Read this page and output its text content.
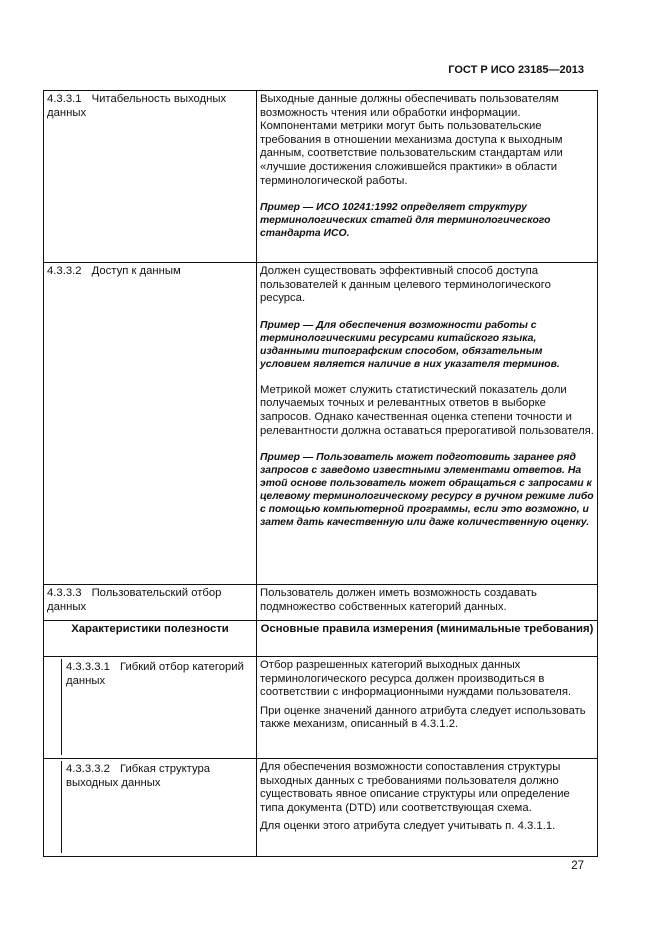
ГОСТ Р ИСО 23185—2013
4.3.3.1 Читабельность выходных данных	Выходные данные должны обеспечивать пользователям возможность чтения или обработки информации. Компонентами метрики могут быть пользовательские требования в отношении механизма доступа к выходным данным, соответствие пользовательским стандартам или «лучшие достижения сложившейся практики» в области терминологической работы.

Пример — ИСО 10241:1992 определяет структуру терминологических статей для терминологического стандарта ИСО.

4.3.3.2 Доступ к данным	Должен существовать эффективный способ доступа пользователей к данным целевого терминологического ресурса.

Пример — Для обеспечения возможности работы с терминологическими ресурсами китайского языка, изданными типографским способом, обязательным условием является наличие в них указателя терминов.

Метрикой может служить статистический показатель доли получаемых точных и релевантных ответов в выборке запросов. Однако качественная оценка степени точности и релевантности должна оставаться прерогативой пользователя.

Пример — Пользователь может подготовить заранее ряд запросов с заведомо известными элементами ответов. На этой основе пользователь может обращаться с запросами к целевому терминологическому ресурсу в ручном режиме либо с помощью компьютерной программы, если это возможно, и затем дать качественную или даже количественную оценку.

4.3.3.3 Пользовательский отбор данных	Пользователь должен иметь возможность создавать подмножество собственных категорий данных.

Характеристики полезности	Основные правила измерения (минимальные требования)

4.3.3.3.1 Гибкий отбор категорий данных	Отбор разрешенных категорий выходных данных терминологического ресурса должен производиться в соответствии с информационными нуждами пользователя.

При оценке значений данного атрибута следует использовать также механизм, описанный в 4.3.1.2.

4.3.3.3.2 Гибкая структура выходных данных	Для обеспечения возможности сопоставления структуры выходных данных с требованиями пользователя должно существовать явное описание структуры или определение типа документа (DTD) или соответствующая схема.

Для оценки этого атрибута следует учитывать п. 4.3.1.1.

27
